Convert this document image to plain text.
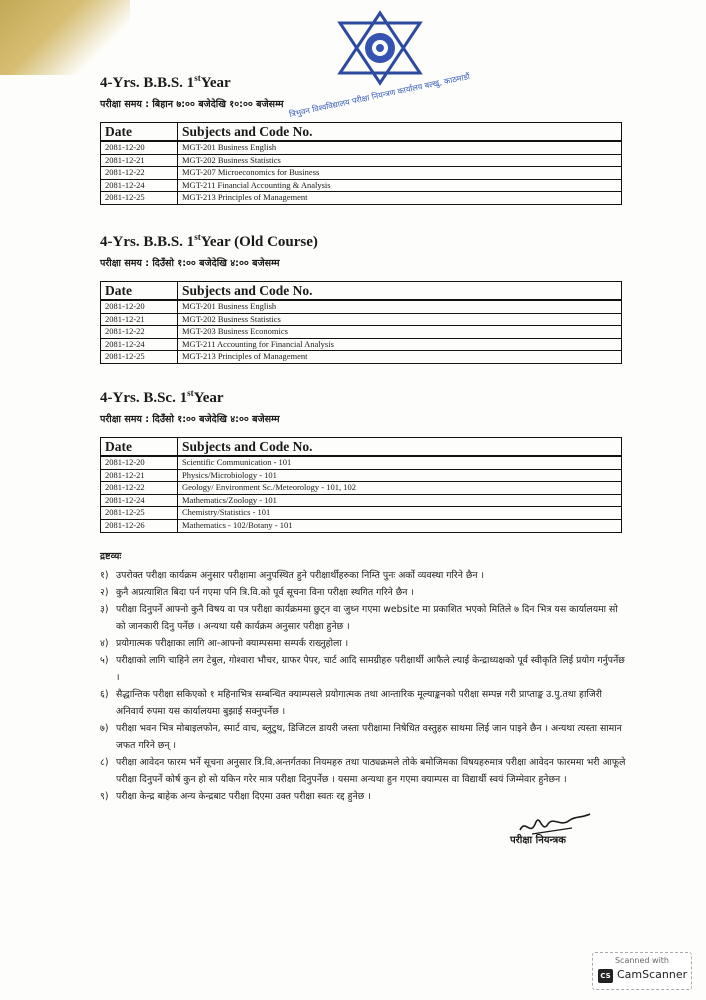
त्रिभुवन विश्वविद्यालय परीक्षा नियन्त्रण कार्यालय बल्खु, काठमाडौं

4-Yrs. B.B.S. 1stYear

परीक्षा समय : बिहान ७:०० बजेदेखि १०:०० बजेसम्म

Date	Subjects and Code No.
2081-12-20	MGT-201 Business English
2081-12-21	MGT-202 Business Statistics
2081-12-22	MGT-207 Microeconomics for Business
2081-12-24	MGT-211 Financial Accounting & Analysis
2081-12-25	MGT-213 Principles of Management

4-Yrs. B.B.S. 1stYear (Old Course)

परीक्षा समय : दिउँसो १:०० बजेदेखि ४:०० बजेसम्म

Date	Subjects and Code No.
2081-12-20	MGT-201 Business English
2081-12-21	MGT-202 Business Statistics
2081-12-22	MGT-203 Business Economics
2081-12-24	MGT-211 Accounting for Financial Analysis
2081-12-25	MGT-213 Principles of Management

4-Yrs. B.Sc. 1stYear

परीक्षा समय : दिउँसो १:०० बजेदेखि ४:०० बजेसम्म

Date	Subjects and Code No.
2081-12-20	Scientific Communication - 101
2081-12-21	Physics/Microbiology - 101
2081-12-22	Geology/ Environment Sc./Meteorology - 101, 102
2081-12-24	Mathematics/Zoology - 101
2081-12-25	Chemistry/Statistics - 101
2081-12-26	Mathematics - 102/Botany - 101

द्रष्टव्यः

१) उपरोक्त परीक्षा कार्यक्रम अनुसार परीक्षामा अनुपस्थित हुने परीक्षार्थीहरुका निम्ति पुनः अर्को व्यवस्था गरिने छैन ।
२) कुनै अप्रत्याशित बिदा पर्न गएमा पनि त्रि.वि.को पूर्व सूचना विना परीक्षा स्थगित गरिने छैन ।
३) परीक्षा दिनुपर्ने आफ्नो कुनै विषय वा पत्र परीक्षा कार्यक्रममा छुट्न वा जुध्न गएमा website मा प्रकाशित भएको मितिले ७ दिन भित्र यस कार्यालयमा सो को जानकारी दिनु पर्नेछ । अन्यथा यसै कार्यक्रम अनुसार परीक्षा हुनेछ ।
४) प्रयोगात्मक परीक्षाका लागि आ-आफ्नो क्याम्पसमा सम्पर्क राख्नुहोला ।
५) परीक्षाको लागि चाहिने लग टेबुल, गोश्वारा भौचर, ग्राफर पेपर, चार्ट आदि सामग्रीहरु परीक्षार्थी आफैले ल्याई केन्द्राध्यक्षको पूर्व स्वीकृति लिई प्रयोग गर्नुपर्नेछ ।
६) सैद्धान्तिक परीक्षा सकिएको १ महिनाभित्र सम्बन्धित क्याम्पसले प्रयोगात्मक तथा आन्तारिक मूल्याङ्कनको परीक्षा सम्पन्न गरी प्राप्ताङ्क उ.पु.तथा हाजिरी अनिवार्य रुपमा यस कार्यालयमा बुझाई सक्नुपर्नेछ ।
७) परीक्षा भवन भित्र मोबाइलफोन, स्मार्ट वाच, ब्लुटुथ, डिजिटल डायरी जस्ता परीक्षामा निषेधित वस्तुहरु साथमा लिई जान पाइने छैन । अन्यथा त्यस्ता सामान जफत गरिने छन् ।
८) परीक्षा आवेदन फारम भर्ने सूचना अनुसार त्रि.वि.अन्तर्गतका नियमहरु तथा पाठ्यक्रमले तोके बमोजिमका विषयहरुमात्र परीक्षा आवेदन फारममा भरी आफूले परीक्षा दिनुपर्ने कोर्ष कुन हो सो यकिन गरेर मात्र परीक्षा दिनुपर्नेछ । यसमा अन्यथा हुन गएमा क्याम्पस वा विद्यार्थी स्वयं जिम्मेवार हुनेछन ।
९) परीक्षा केन्द्र बाहेक अन्य केन्द्रबाट परीक्षा दिएमा उक्त परीक्षा स्वतः रद्द हुनेछ ।
परीक्षा नियन्त्रक
Scanned with
CS CamScanner
